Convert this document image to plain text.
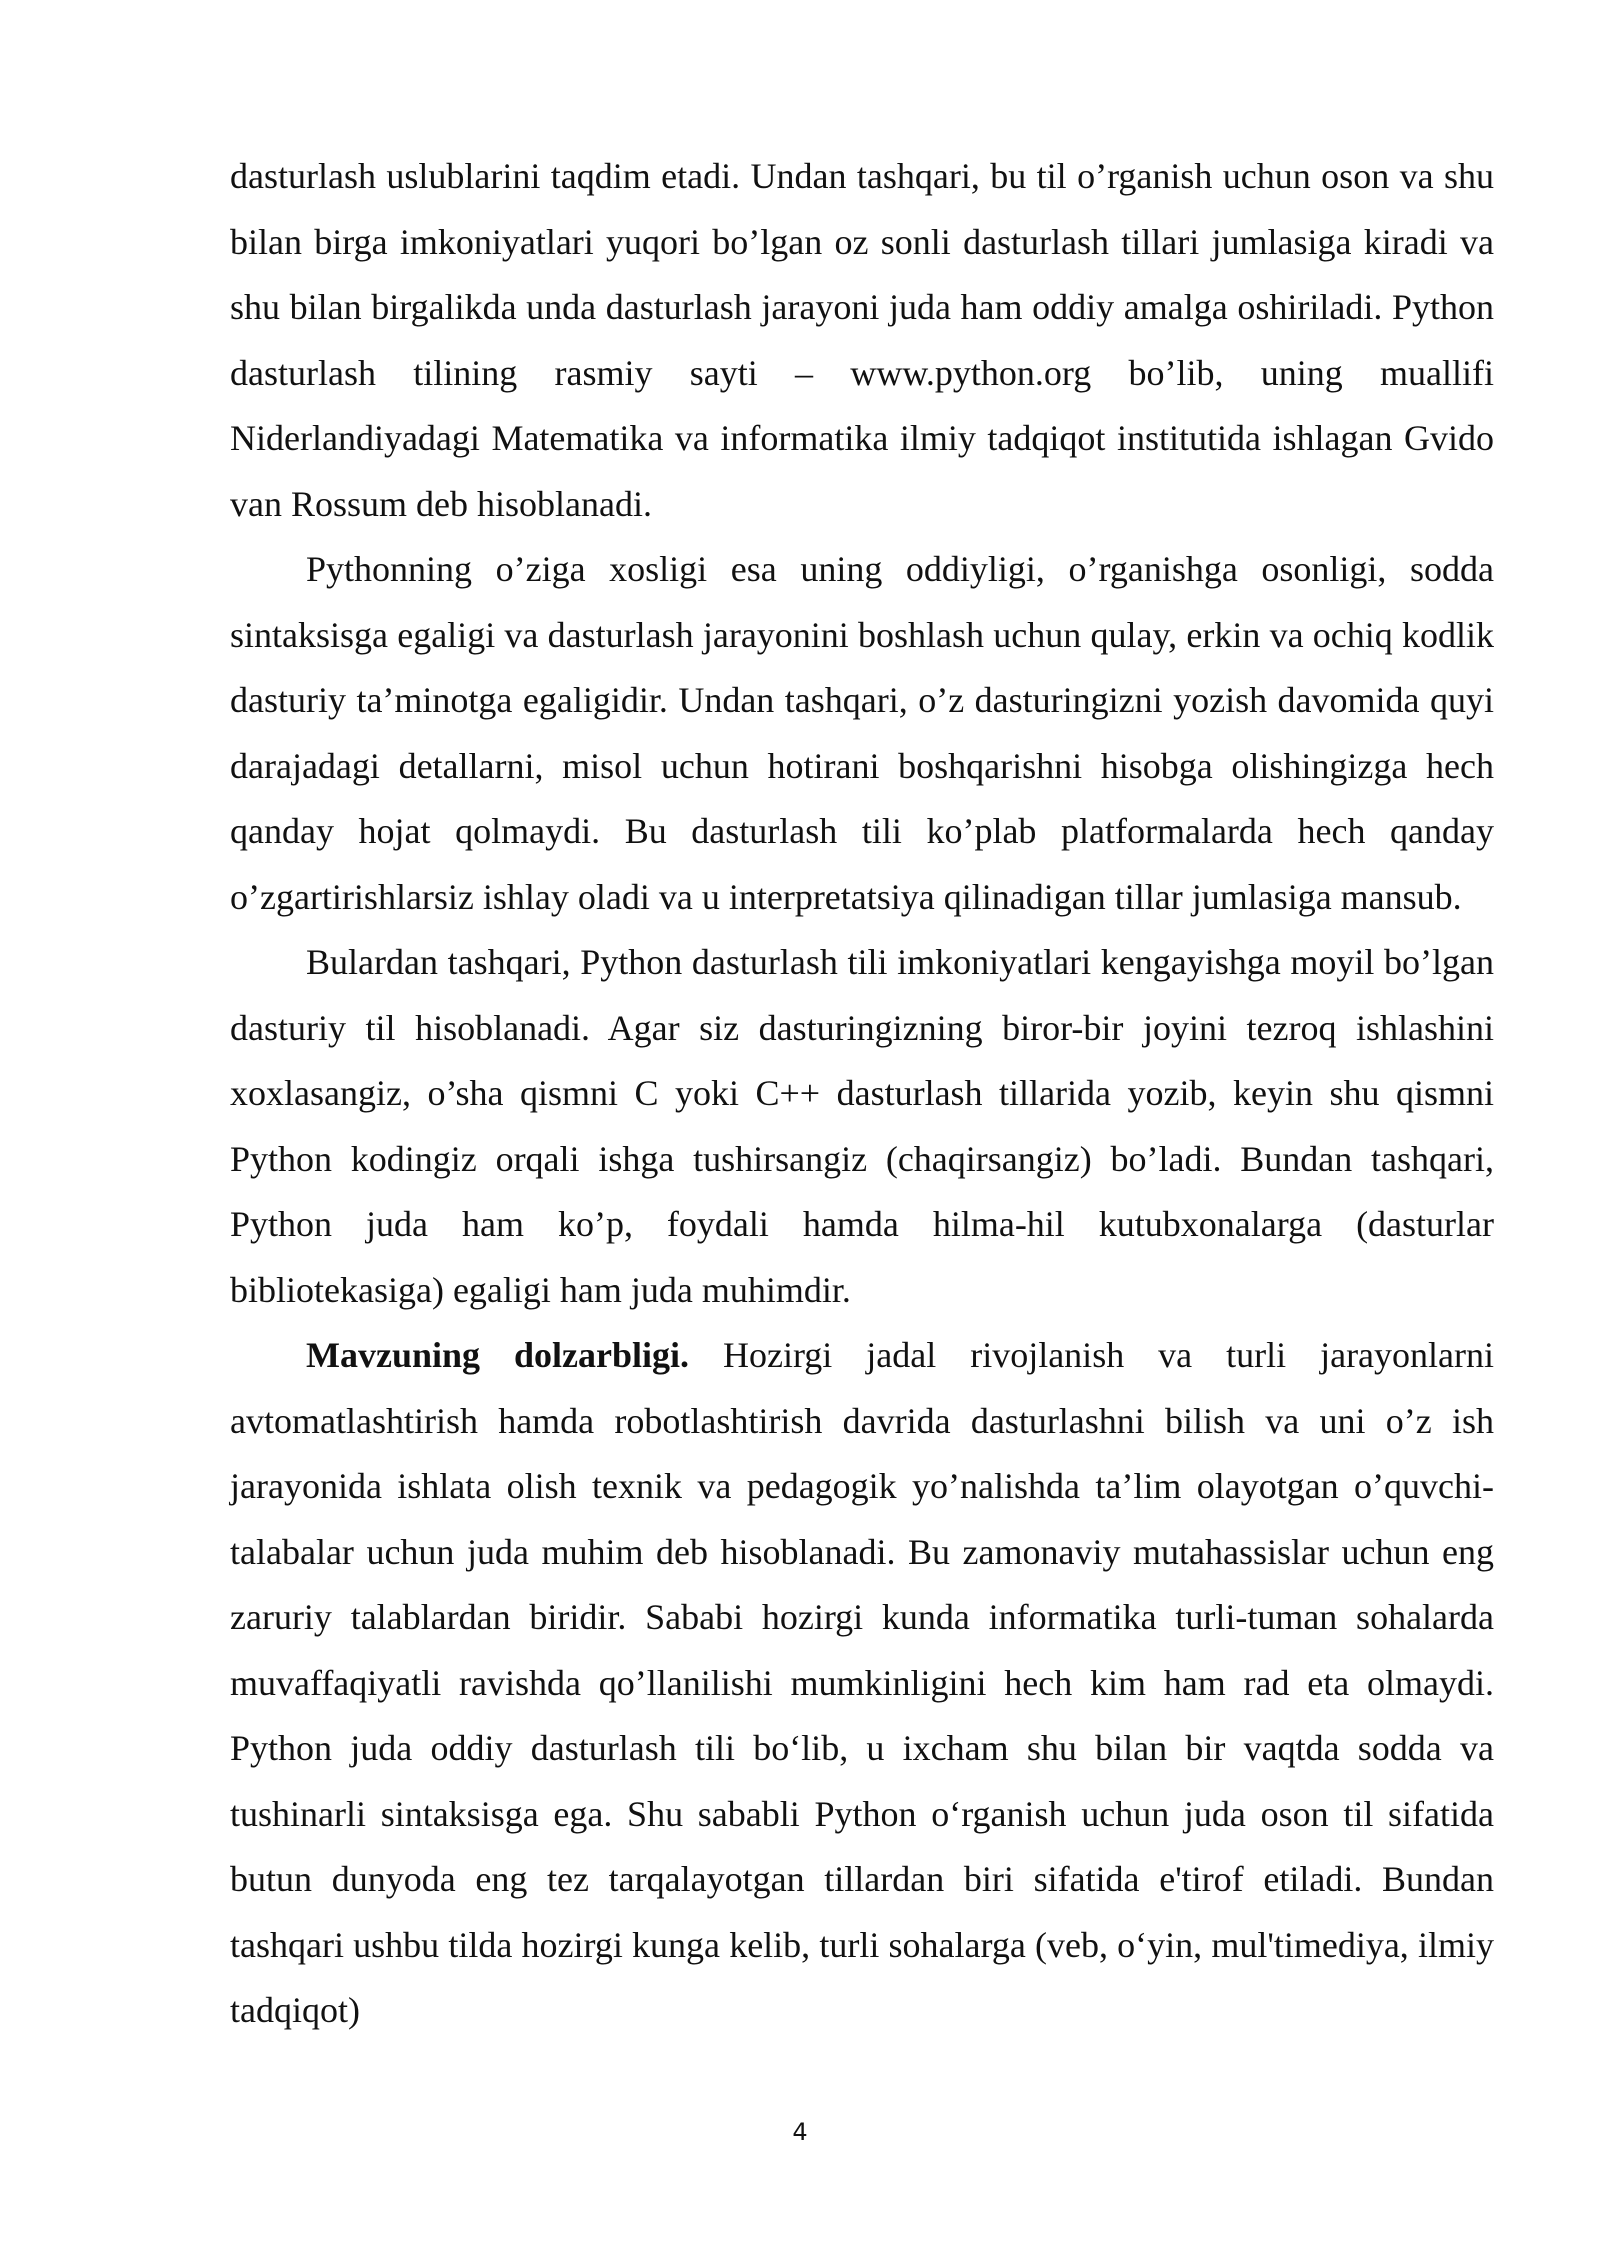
dasturlash uslublarini taqdim etadi. Undan tashqari, bu til o’rganish uchun oson va shu bilan birga imkoniyatlari yuqori bo’lgan oz sonli dasturlash tillari jumlasiga kiradi va shu bilan birgalikda unda dasturlash jarayoni juda ham oddiy amalga oshiriladi. Python dasturlash tilining rasmiy sayti – www.python.org bo’lib, uning muallifi Niderlandiyadagi Matematika va informatika ilmiy tadqiqot institutida ishlagan Gvido van Rossum deb hisoblanadi.

Pythonning o’ziga xosligi esa uning oddiyligi, o’rganishga osonligi, sodda sintaksisga egaligi va dasturlash jarayonini boshlash uchun qulay, erkin va ochiq kodlik dasturiy ta’minotga egaligidir. Undan tashqari, o’z dasturingizni yozish davomida quyi darajadagi detallarni, misol uchun hotirani boshqarishni hisobga olishingizga hech qanday hojat qolmaydi. Bu dasturlash tili ko’plab platformalarda hech qanday o’zgartirishlarsiz ishlay oladi va u interpretatsiya qilinadigan tillar jumlasiga mansub.

Bulardan tashqari, Python dasturlash tili imkoniyatlari kengayishga moyil bo’lgan dasturiy til hisoblanadi. Agar siz dasturingizning biror-bir joyini tezroq ishlashini xoxlasangiz, o’sha qismni C yoki C++ dasturlash tillarida yozib, keyin shu qismni Python kodingiz orqali ishga tushirsangiz (chaqirsangiz) bo’ladi. Bundan tashqari, Python juda ham ko’p, foydali hamda hilma-hil kutubxonalarga (dasturlar bibliotekasiga) egaligi ham juda muhimdir.

Mavzuning dolzarbligi. Hozirgi jadal rivojlanish va turli jarayonlarni avtomatlashtirish hamda robotlashtirish davrida dasturlashni bilish va uni o’z ish jarayonida ishlata olish texnik va pedagogik yo’nalishda ta’lim olayotgan o’quvchi-talabalar uchun juda muhim deb hisoblanadi. Bu zamonaviy mutahassislar uchun eng zaruriy talablardan biridir. Sababi hozirgi kunda informatika turli-tuman sohalarda muvaffaqiyatli ravishda qo’llanilishi mumkinligini hech kim ham rad eta olmaydi. Python juda oddiy dasturlash tili bo‘lib, u ixcham shu bilan bir vaqtda sodda va tushinarli sintaksisga ega. Shu sababli Python o‘rganish uchun juda oson til sifatida butun dunyoda eng tez tarqalayotgan tillardan biri sifatida e'tirof etiladi. Bundan tashqari ushbu tilda hozirgi kunga kelib, turli sohalarga (veb, o‘yin, mul'timediya, ilmiy tadqiqot)

4
